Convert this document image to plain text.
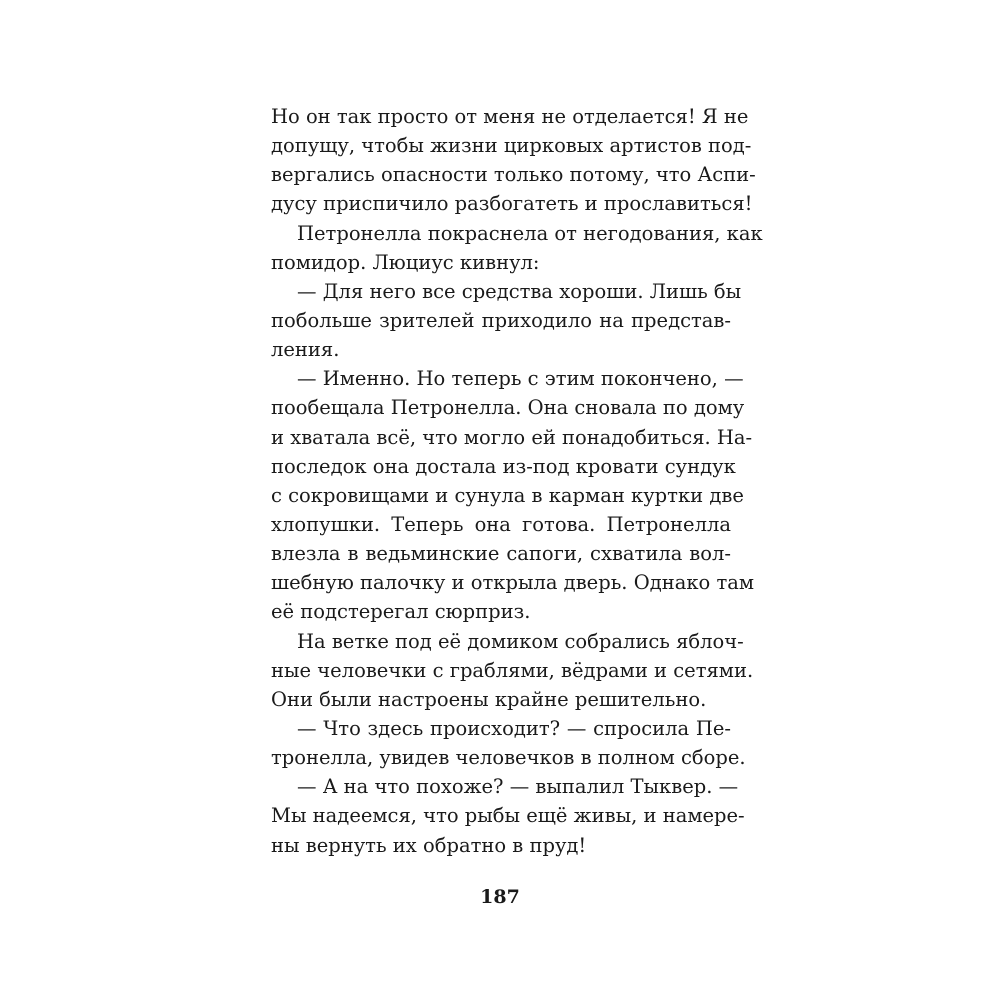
Но он так просто от меня не отделается! Я не
допущу, чтобы жизни цирковых артистов под-
вергались опасности только потому, что Аспи-
дусу приспичило разбогатеть и прославиться!
Петронелла покраснела от негодования, как
помидор. Люциус кивнул:
— Для него все средства хороши. Лишь бы
побольше зрителей приходило на представ-
ления.
— Именно. Но теперь с этим покончено, —
пообещала Петронелла. Она сновала по дому
и хватала всё, что могло ей понадобиться. На-
последок она достала из-под кровати сундук
с сокровищами и сунула в карман куртки две
хлопушки. Теперь она готова. Петронелла
влезла в ведьминские сапоги, схватила вол-
шебную палочку и открыла дверь. Однако там
её подстерегал сюрприз.
На ветке под её домиком собрались яблоч-
ные человечки с граблями, вёдрами и сетями.
Они были настроены крайне решительно.
— Что здесь происходит? — спросила Пе-
тронелла, увидев человечков в полном сборе.
— А на что похоже? — выпалил Тыквер. —
Мы надеемся, что рыбы ещё живы, и намере-
ны вернуть их обратно в пруд!
187
